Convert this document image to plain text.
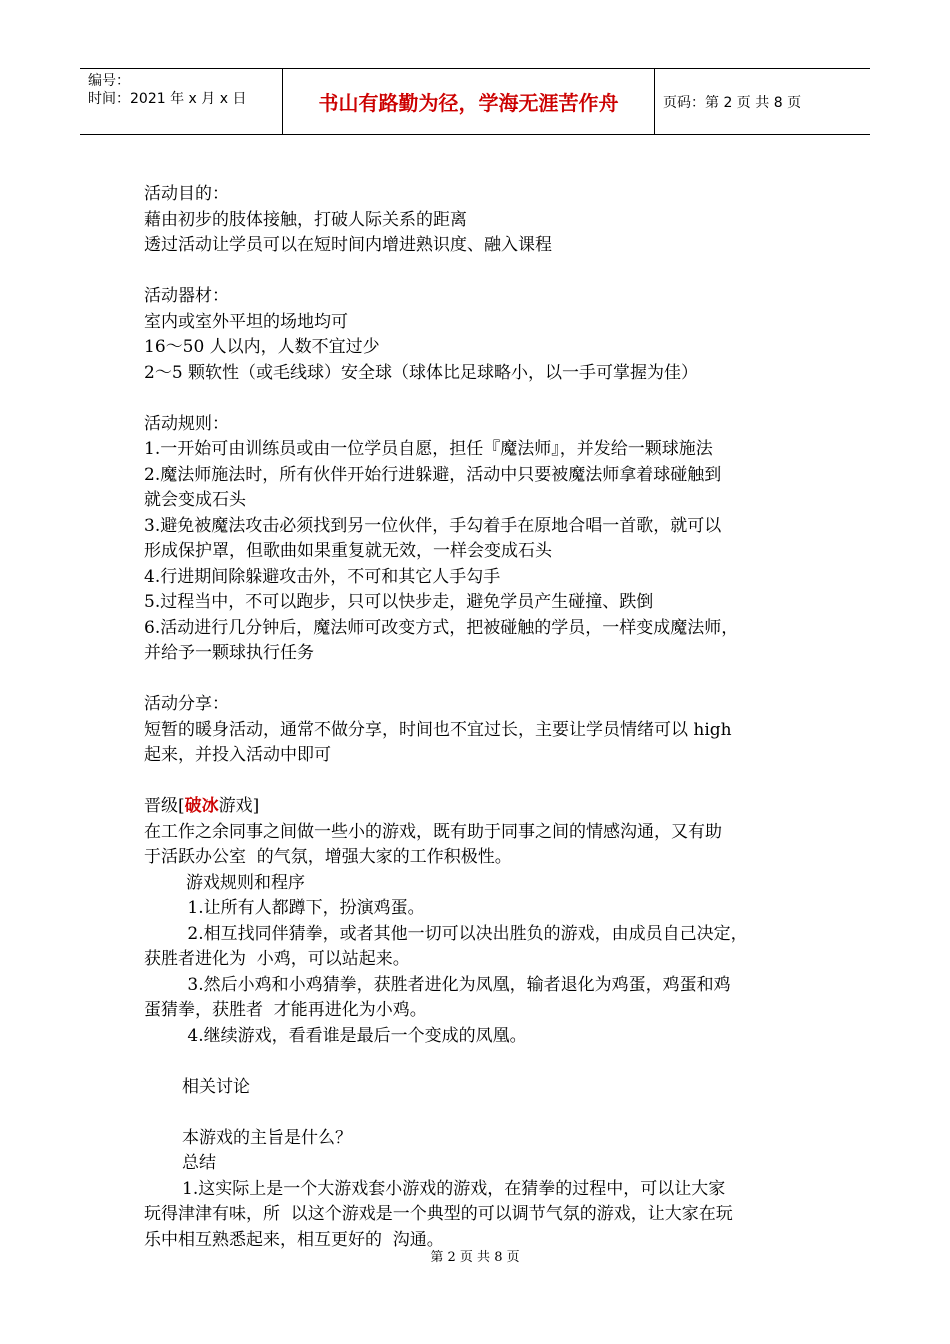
编号：
时间：2021 年 x 月 x 日	书山有路勤为径，学海无涯苦作舟	页码：第 2 页 共 8 页

活动目的：

藉由初步的肢体接触，打破人际关系的距离

透过活动让学员可以在短时间内增进熟识度、融入课程

活动器材：

室内或室外平坦的场地均可

16～50 人以内，人数不宜过少

2～5 颗软性（或毛线球）安全球（球体比足球略小，以一手可掌握为佳）

活动规则：

1.一开始可由训练员或由一位学员自愿，担任『魔法师』，并发给一颗球施法

2.魔法师施法时，所有伙伴开始行进躲避，活动中只要被魔法师拿着球碰触到

就会变成石头

3.避免被魔法攻击必须找到另一位伙伴，手勾着手在原地合唱一首歌，就可以

形成保护罩，但歌曲如果重复就无效，一样会变成石头

4.行进期间除躲避攻击外，不可和其它人手勾手

5.过程当中，不可以跑步，只可以快步走，避免学员产生碰撞、跌倒

6.活动进行几分钟后，魔法师可改变方式，把被碰触的学员，一样变成魔法师，

并给予一颗球执行任务

活动分享：

短暂的暖身活动，通常不做分享，时间也不宜过长，主要让学员情绪可以 high

起来，并投入活动中即可

晋级[破冰游戏]

在工作之余同事之间做一些小的游戏，既有助于同事之间的情感沟通，又有助

于活跃办公室  的气氛，增强大家的工作积极性。

游戏规则和程序

1.让所有人都蹲下，扮演鸡蛋。

2.相互找同伴猜拳，或者其他一切可以决出胜负的游戏，由成员自己决定，

获胜者进化为  小鸡，可以站起来。

3.然后小鸡和小鸡猜拳，获胜者进化为凤凰，输者退化为鸡蛋，鸡蛋和鸡

蛋猜拳，获胜者  才能再进化为小鸡。

4.继续游戏，看看谁是最后一个变成的凤凰。

相关讨论

本游戏的主旨是什么？

总结

1.这实际上是一个大游戏套小游戏的游戏，在猜拳的过程中，可以让大家

玩得津津有味，所  以这个游戏是一个典型的可以调节气氛的游戏，让大家在玩

乐中相互熟悉起来，相互更好的  沟通。

第 2 页 共 8 页
